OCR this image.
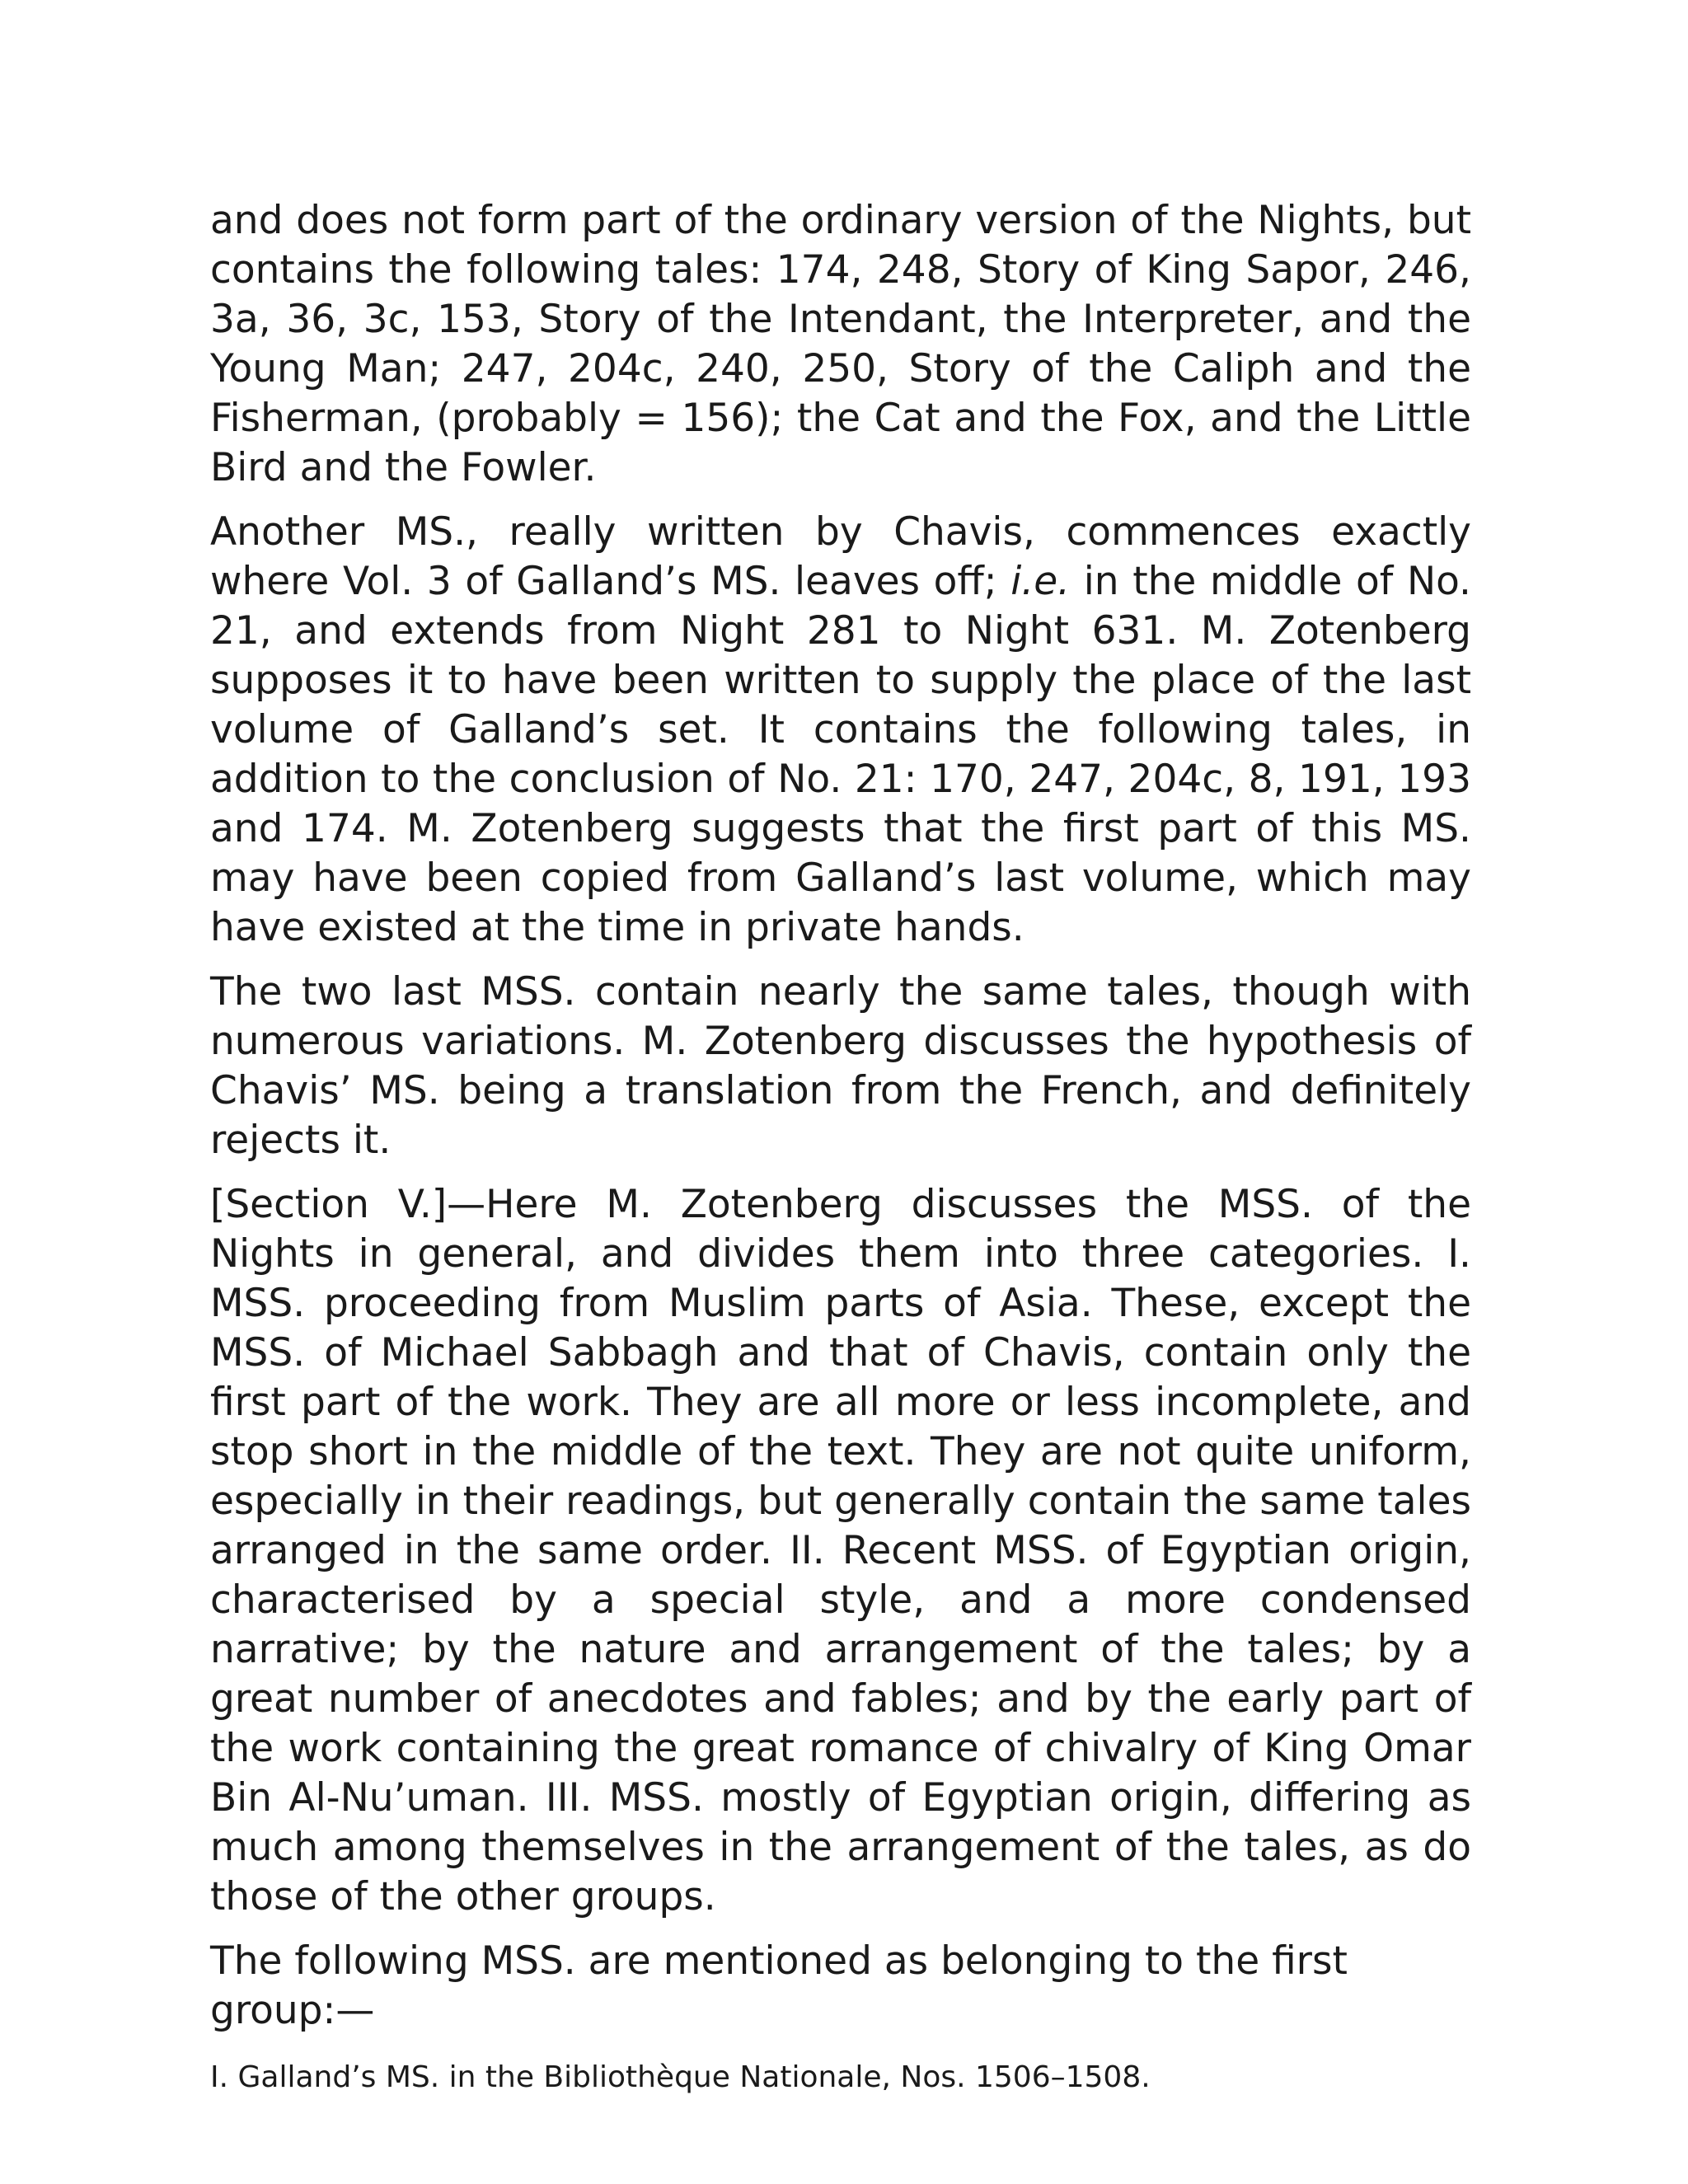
and does not form part of the ordinary version of the Nights, but contains the following tales: 174, 248, Story of King Sapor, 246, 3a, 36, 3c, 153, Story of the Intendant, the Interpreter, and the Young Man; 247, 204c, 240, 250, Story of the Caliph and the Fisherman, (probably = 156); the Cat and the Fox, and the Little Bird and the Fowler.

Another MS., really written by Chavis, commences exactly where Vol. 3 of Galland’s MS. leaves off; i.e. in the middle of No. 21, and extends from Night 281 to Night 631. M. Zotenberg supposes it to have been written to supply the place of the last volume of Galland’s set. It contains the following tales, in addition to the conclusion of No. 21: 170, 247, 204c, 8, 191, 193 and 174. M. Zotenberg suggests that the first part of this MS. may have been copied from Galland’s last volume, which may have existed at the time in private hands.

The two last MSS. contain nearly the same tales, though with numerous variations. M. Zotenberg discusses the hypothesis of Chavis’ MS. being a translation from the French, and definitely rejects it.

[Section V.]—Here M. Zotenberg discusses the MSS. of the Nights in general, and divides them into three categories. I. MSS. proceeding from Muslim parts of Asia. These, except the MSS. of Michael Sabbagh and that of Chavis, contain only the first part of the work. They are all more or less incomplete, and stop short in the middle of the text. They are not quite uniform, especially in their readings, but generally contain the same tales arranged in the same order. II. Recent MSS. of Egyptian origin, characterised by a special style, and a more condensed narrative; by the nature and arrangement of the tales; by a great number of anecdotes and fables; and by the early part of the work containing the great romance of chivalry of King Omar Bin Al-Nu’uman. III. MSS. mostly of Egyptian origin, differing as much among themselves in the arrangement of the tales, as do those of the other groups.

The following MSS. are mentioned as belonging to the first group:—

I. Galland’s MS. in the Bibliothèque Nationale, Nos. 1506–1508.
